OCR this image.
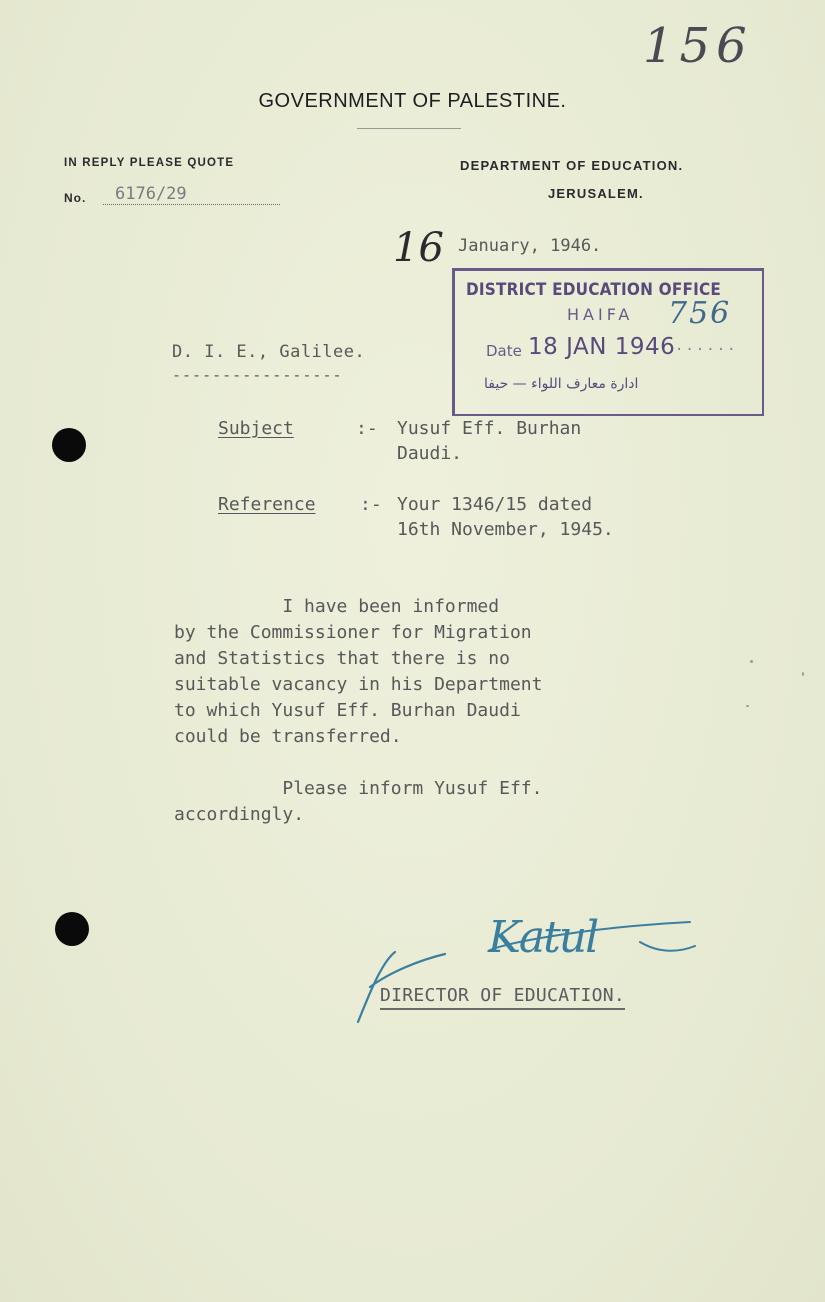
156
GOVERNMENT OF PALESTINE.
IN REPLY PLEASE QUOTE
No.	6176/29
DEPARTMENT OF EDUCATION.
JERUSALEM.
16 January, 1946.
D. I. E., Galilee.
-----------------
DISTRICT EDUCATION OFFICE
HAIFA 756
Date 18 JAN 1946 ......
ادارة معارف اللواء — حيفا
Subject	:- Yusuf Eff. Burhan
Daudi.
Reference :- Your 1346/15 dated
16th November, 1945.
I have been informed
by the Commissioner for Migration
and Statistics that there is no
suitable vacancy in his Department
to which Yusuf Eff. Burhan Daudi
could be transferred.
Please inform Yusuf Eff.
accordingly.
Katul
DIRECTOR OF EDUCATION.
